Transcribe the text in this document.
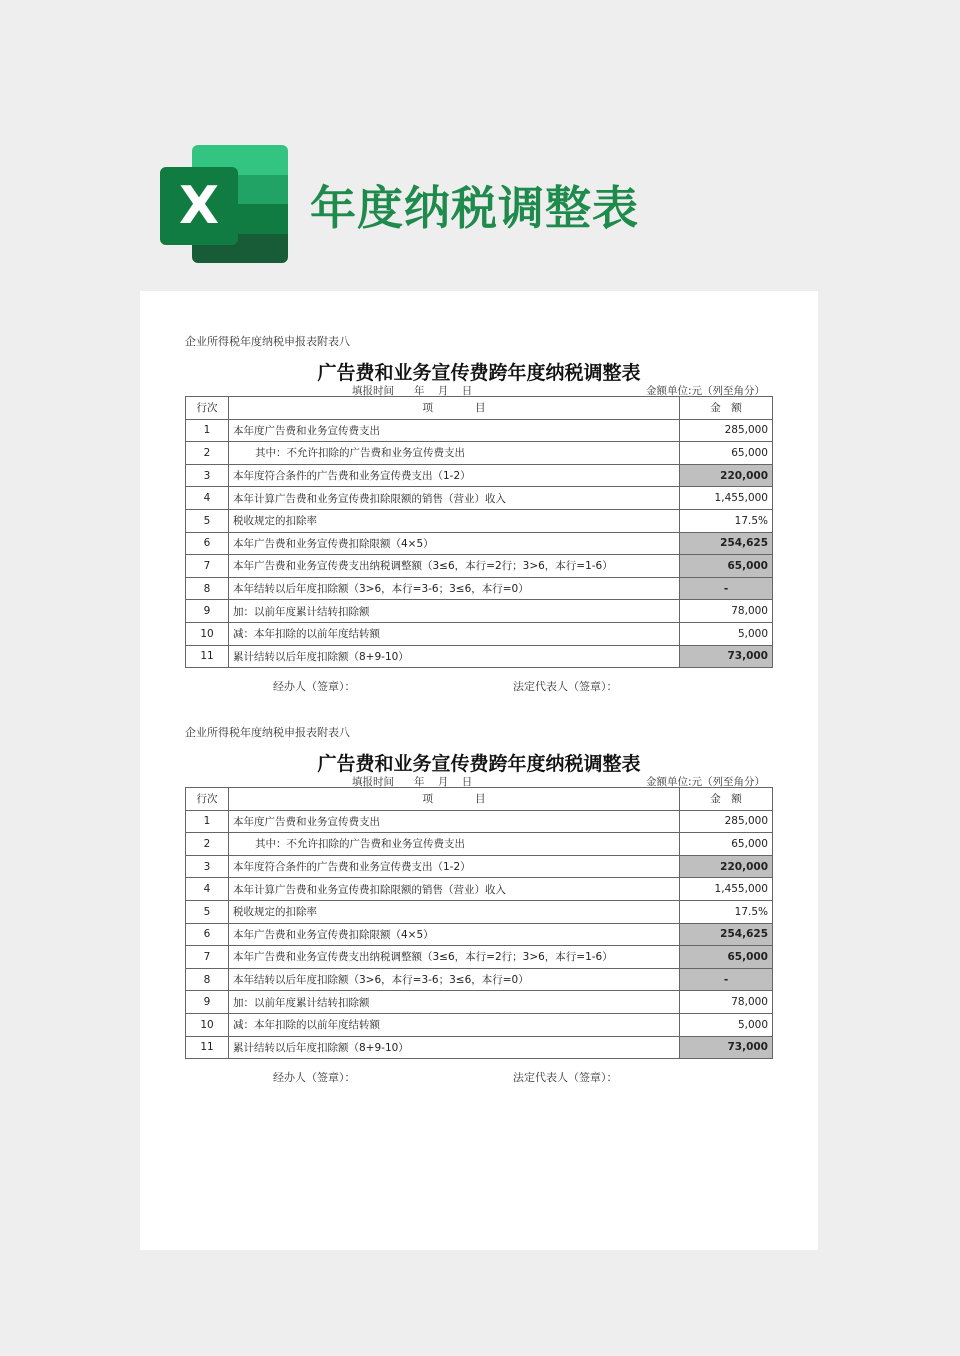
X	年度纳税调整表
企业所得税年度纳税申报表附表八
广告费和业务宣传费跨年度纳税调整表
填报时间      年    月    日	金额单位:元（列至角分）
行次	项　　　　目	金　额
1	本年度广告费和业务宣传费支出	285,000
2	其中：不允许扣除的广告费和业务宣传费支出	65,000
3	本年度符合条件的广告费和业务宣传费支出（1-2）	220,000
4	本年计算广告费和业务宣传费扣除限额的销售（营业）收入	1,455,000
5	税收规定的扣除率	17.5%
6	本年广告费和业务宣传费扣除限额（4×5）	254,625
7	本年广告费和业务宣传费支出纳税调整额（3≤6，本行=2行；3>6，本行=1-6）	65,000
8	本年结转以后年度扣除额（3>6，本行=3-6；3≤6，本行=0）	-
9	加：以前年度累计结转扣除额	78,000
10	减：本年扣除的以前年度结转额	5,000
11	累计结转以后年度扣除额（8+9-10）	73,000
经办人（签章）：	法定代表人（签章）：
企业所得税年度纳税申报表附表八
广告费和业务宣传费跨年度纳税调整表
填报时间      年    月    日	金额单位:元（列至角分）
行次	项　　　　目	金　额
1	本年度广告费和业务宣传费支出	285,000
2	其中：不允许扣除的广告费和业务宣传费支出	65,000
3	本年度符合条件的广告费和业务宣传费支出（1-2）	220,000
4	本年计算广告费和业务宣传费扣除限额的销售（营业）收入	1,455,000
5	税收规定的扣除率	17.5%
6	本年广告费和业务宣传费扣除限额（4×5）	254,625
7	本年广告费和业务宣传费支出纳税调整额（3≤6，本行=2行；3>6，本行=1-6）	65,000
8	本年结转以后年度扣除额（3>6，本行=3-6；3≤6，本行=0）	-
9	加：以前年度累计结转扣除额	78,000
10	减：本年扣除的以前年度结转额	5,000
11	累计结转以后年度扣除额（8+9-10）	73,000
经办人（签章）：	法定代表人（签章）：
